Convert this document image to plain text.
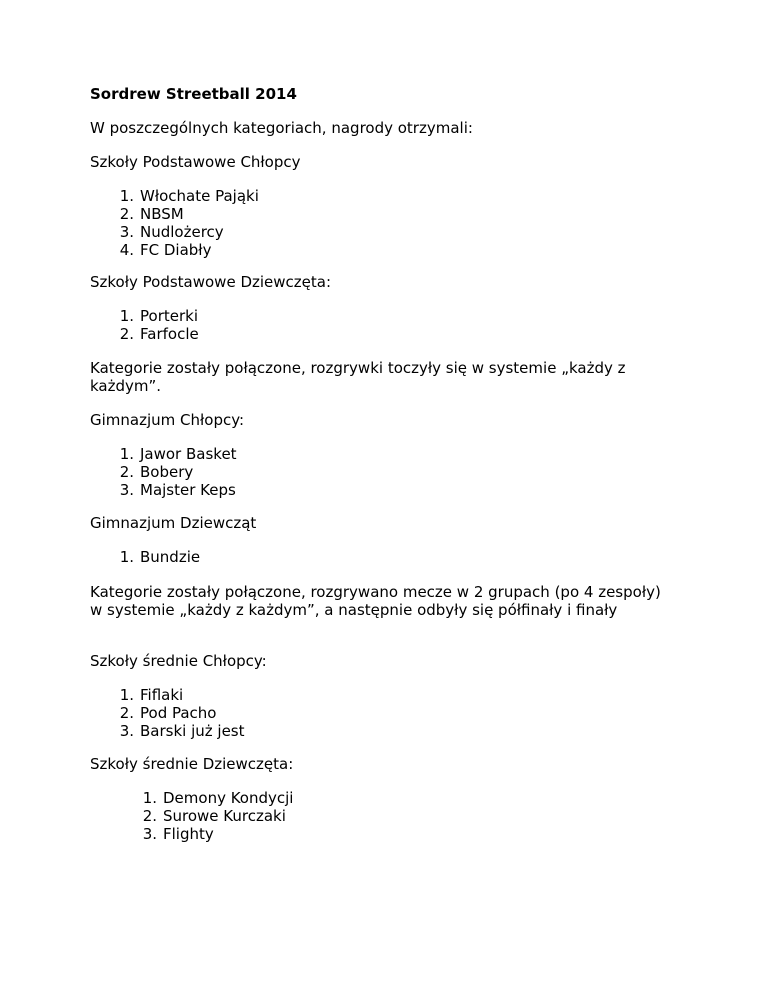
Sordrew Streetball 2014
W poszczególnych kategoriach, nagrody otrzymali:
Szkoły Podstawowe Chłopcy
1. Włochate Pająki
2. NBSM
3. Nudlożercy
4. FC Diabły
Szkoły Podstawowe Dziewczęta:
1. Porterki
2. Farfocle
Kategorie zostały połączone, rozgrywki toczyły się w systemie „każdy z każdym”.
Gimnazjum Chłopcy:
1. Jawor Basket
2. Bobery
3. Majster Keps
Gimnazjum Dziewcząt
1. Bundzie
Kategorie zostały połączone, rozgrywano mecze w 2 grupach (po 4 zespoły) w systemie „każdy z każdym”, a następnie odbyły się półfinały i finały
Szkoły średnie Chłopcy:
1. Fiflaki
2. Pod Pacho
3. Barski już jest
Szkoły średnie Dziewczęta:
1. Demony Kondycji
2. Surowe Kurczaki
3. Flighty
